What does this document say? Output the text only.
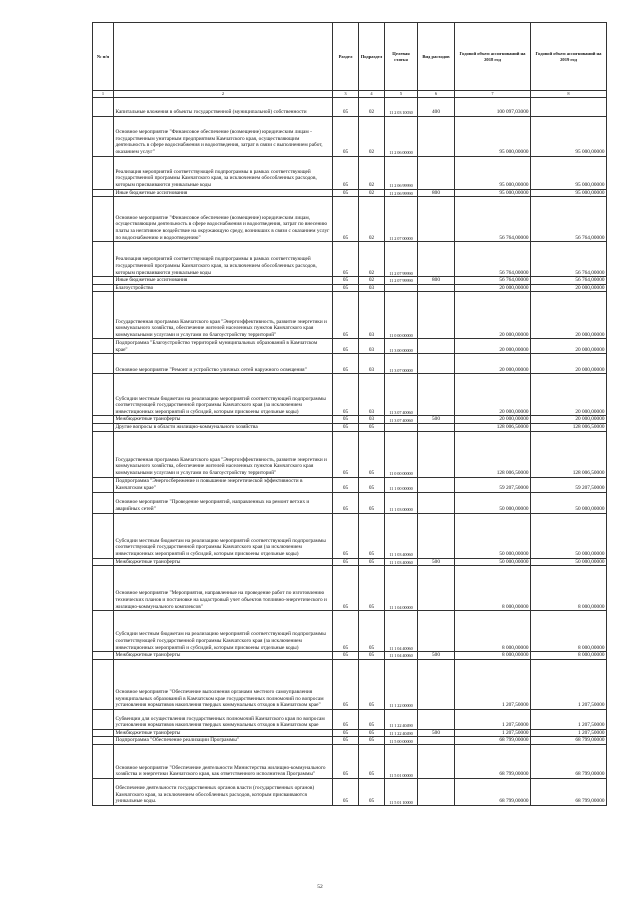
№ п/п		Раздел	Подраздел	Целевая статья	Вид расходов	Годовой объем ассигнований на 2018 год	Годовой объем ассигнований на 2019 год
1	2	3	4	5	6	7	8
	Капитальные вложения в объекты государственной (муниципальной) собственности	05	02	11 2 03 10030	400	100 097,03000	
	Основное мероприятие "Финансовое обеспечение (возмещение) юридическим лицам - государственным унитарным предприятиям Камчатского края, осуществляющим деятельность в сфере водоснабжения и водоотведения, затрат в связи с выполнением работ, оказанием услуг"	05	02	11 2 06 00000		95 000,00000	95 000,00000
	Реализация мероприятий соответствующей подпрограммы в рамках соответствующей государственной программы Камчатского края, за исключением обособленных расходов, которым присваиваются уникальные коды	05	02	11 2 06 99990		95 000,00000	95 000,00000
	Иные бюджетные ассигнования	05	02	11 2 06 99990	800	95 000,00000	95 000,00000
	Основное мероприятие "Финансовое обеспечение (возмещение) юридическим лицам, осуществляющим деятельность в сфере водоснабжения и водоотведения, затрат по внесению платы за негативное воздействие на окружающую среду, возникших в связи с оказанием услуг по водоснабжению и водоотведению"	05	02	11 2 07 00000		56 764,00000	56 764,00000
	Реализация мероприятий соответствующей подпрограммы в рамках соответствующей государственной программы Камчатского края, за исключением обособленных расходов, которым присваиваются уникальные коды	05	02	11 2 07 99990		56 764,00000	56 764,00000
	Иные бюджетные ассигнования	05	02	11 2 07 99990	800	56 764,00000	56 764,00000
	Благоустройство	05	03			20 000,00000	20 000,00000
	Государственная программа Камчатского края "Энергоэффективность, развитие энергетики и коммунального хозяйства, обеспечение жителей населенных пунктов Камчатского края коммунальными услугами и услугами по благоустройству территорий"	05	03	11 0 00 00000		20 000,00000	20 000,00000
	Подпрограмма "Благоустройство территорий муниципальных образований в Камчатском крае"	05	03	11 3 00 00000		20 000,00000	20 000,00000
	Основное мероприятие "Ремонт и устройство уличных сетей наружного освещения"	05	03	11 3 07 00000		20 000,00000	20 000,00000
	Субсидии местным бюджетам на реализацию мероприятий соответствующей подпрограммы соответствующей государственной программы Камчатского края (за исключением инвестиционных мероприятий и субсидий, которым присвоены отдельные коды)	05	03	11 3 07 40060		20 000,00000	20 000,00000
	Межбюджетные трансферты	05	03	11 3 07 40060	500	20 000,00000	20 000,00000
	Другие вопросы в области жилищно-коммунального хозяйства	05	05			128 006,50000	128 006,50000
	Государственная программа Камчатского края "Энергоэффективность, развитие энергетики и коммунального хозяйства, обеспечение жителей населенных пунктов Камчатского края коммунальными услугами и услугами по благоустройству территорий"	05	05	11 0 00 00000		128 006,50000	128 006,50000
	Подпрограмма "Энергосбережение и повышение энергетической эффективности в Камчатском крае"	05	05	11 1 00 00000		59 207,50000	59 207,50000
	Основное мероприятие "Проведение мероприятий, направленных на ремонт ветхих и аварийных сетей"	05	05	11 1 03 00000		50 000,00000	50 000,00000
	Субсидии местным бюджетам на реализацию мероприятий соответствующей подпрограммы соответствующей государственной программы Камчатского края (за исключением инвестиционных мероприятий и субсидий, которым присвоены отдельные коды)	05	05	11 1 03 40060		50 000,00000	50 000,00000
	Межбюджетные трансферты	05	05	11 1 03 40060	500	50 000,00000	50 000,00000
	Основное мероприятие "Мероприятия, направленные на проведение работ по изготовлению технических планов и постановке на кадастровый учет объектов топливно-энергетического и жилищно-коммунального комплексов"	05	05	11 1 04 00000		8 000,00000	8 000,00000
	Субсидии местным бюджетам на реализацию мероприятий соответствующей подпрограммы соответствующей государственной программы Камчатского края (за исключением инвестиционных мероприятий и субсидий, которым присвоены отдельные коды)	05	05	11 1 04 40060		8 000,00000	8 000,00000
	Межбюджетные трансферты	05	05	11 1 04 40060	500	8 000,00000	8 000,00000
	Основное мероприятие "Обеспечение выполнения органами местного самоуправления муниципальных образований в Камчатском крае государственных полномочий по вопросам установления нормативов накопления твердых коммунальных отходов в Камчатском крае"	05	05	11 1 22 00000		1 207,50000	1 207,50000
	Субвенции для осуществления государственных полномочий Камчатского края по вопросам установления нормативов накопления твердых коммунальных отходов в Камчатском крае	05	05	11 1 22 40490		1 207,50000	1 207,50000
	Межбюджетные трансферты	05	05	11 1 22 40490	500	1 207,50000	1 207,50000
	Подпрограмма "Обеспечение реализации Программы"	05	05	11 5 00 00000		68 799,00000	68 799,00000
	Основное мероприятие "Обеспечение деятельности Министерства жилищно-коммунального хозяйства и энергетики Камчатского края, как ответственного исполнителя Программы"	05	05	11 5 01 00000		68 799,00000	68 799,00000
	Обеспечение деятельности государственных органов власти (государственных органов) Камчатского края, за исключением обособленных расходов, которым присваиваются уникальные коды.	05	05	11 5 01 10000		68 799,00000	68 799,00000
52
